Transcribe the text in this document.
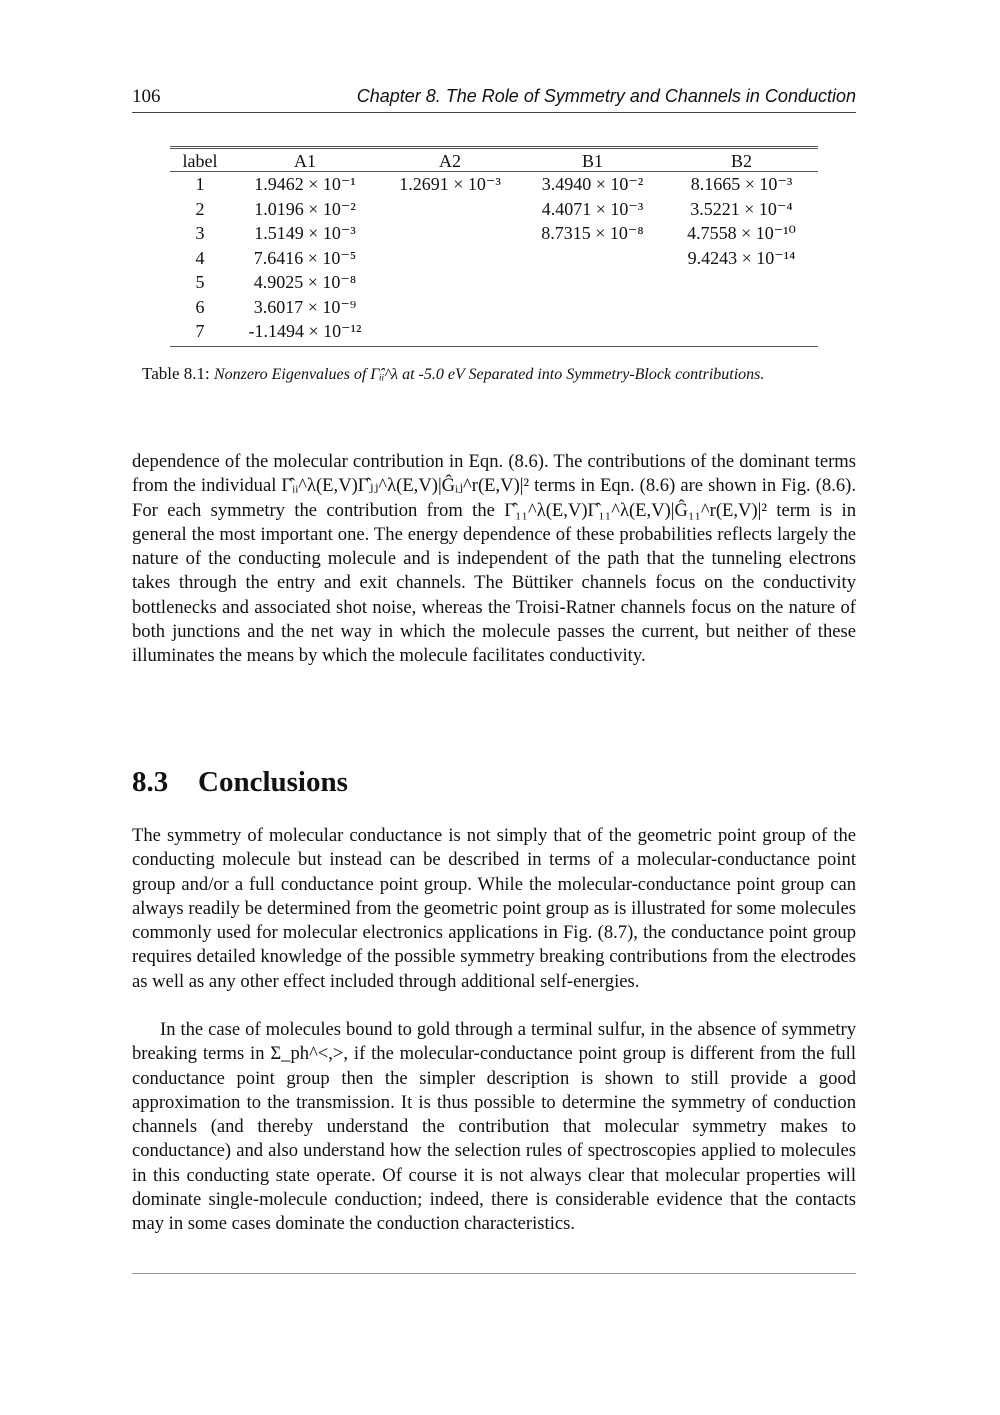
106	Chapter 8. The Role of Symmetry and Channels in Conduction
label	A1	A2	B1	B2
1	1.9462 × 10⁻¹	1.2691 × 10⁻³	3.4940 × 10⁻²	8.1665 × 10⁻³
2	1.0196 × 10⁻²		4.4071 × 10⁻³	3.5221 × 10⁻⁴
3	1.5149 × 10⁻³		8.7315 × 10⁻⁸	4.7558 × 10⁻¹⁰
4	7.6416 × 10⁻⁵			9.4243 × 10⁻¹⁴
5	4.9025 × 10⁻⁸			
6	3.6017 × 10⁻⁹			
7	-1.1494 × 10⁻¹²			
Table 8.1: Nonzero Eigenvalues of Γ̂ᵢᵢ^λ at -5.0 eV Separated into Symmetry-Block contributions.

dependence of the molecular contribution in Eqn. (8.6). The contributions of the dominant terms from the individual Γ̂ᵢᵢ^λ(E,V)Γ̂ⱼⱼ^λ(E,V)|Ĝᵢⱼ^r(E,V)|² terms in Eqn. (8.6) are shown in Fig. (8.6). For each symmetry the contribution from the Γ̂₁₁^λ(E,V)Γ̂₁₁^λ(E,V)|Ĝ₁₁^r(E,V)|² term is in general the most important one. The energy dependence of these probabilities reflects largely the nature of the conducting molecule and is independent of the path that the tunneling electrons takes through the entry and exit channels. The Büttiker channels focus on the conductivity bottlenecks and associated shot noise, whereas the Troisi-Ratner channels focus on the nature of both junctions and the net way in which the molecule passes the current, but neither of these illuminates the means by which the molecule facilitates conductivity.

8.3 Conclusions

The symmetry of molecular conductance is not simply that of the geometric point group of the conducting molecule but instead can be described in terms of a molecular-conductance point group and/or a full conductance point group. While the molecular-conductance point group can always readily be determined from the geometric point group as is illustrated for some molecules commonly used for molecular electronics applications in Fig. (8.7), the conductance point group requires detailed knowledge of the possible symmetry breaking contributions from the electrodes as well as any other effect included through additional self-energies.

In the case of molecules bound to gold through a terminal sulfur, in the absence of symmetry breaking terms in Σ_ph^<,>, if the molecular-conductance point group is different from the full conductance point group then the simpler description is shown to still provide a good approximation to the transmission. It is thus possible to determine the symmetry of conduction channels (and thereby understand the contribution that molecular symmetry makes to conductance) and also understand how the selection rules of spectroscopies applied to molecules in this conducting state operate. Of course it is not always clear that molecular properties will dominate single-molecule conduction; indeed, there is considerable evidence that the contacts may in some cases dominate the conduction characteristics.
